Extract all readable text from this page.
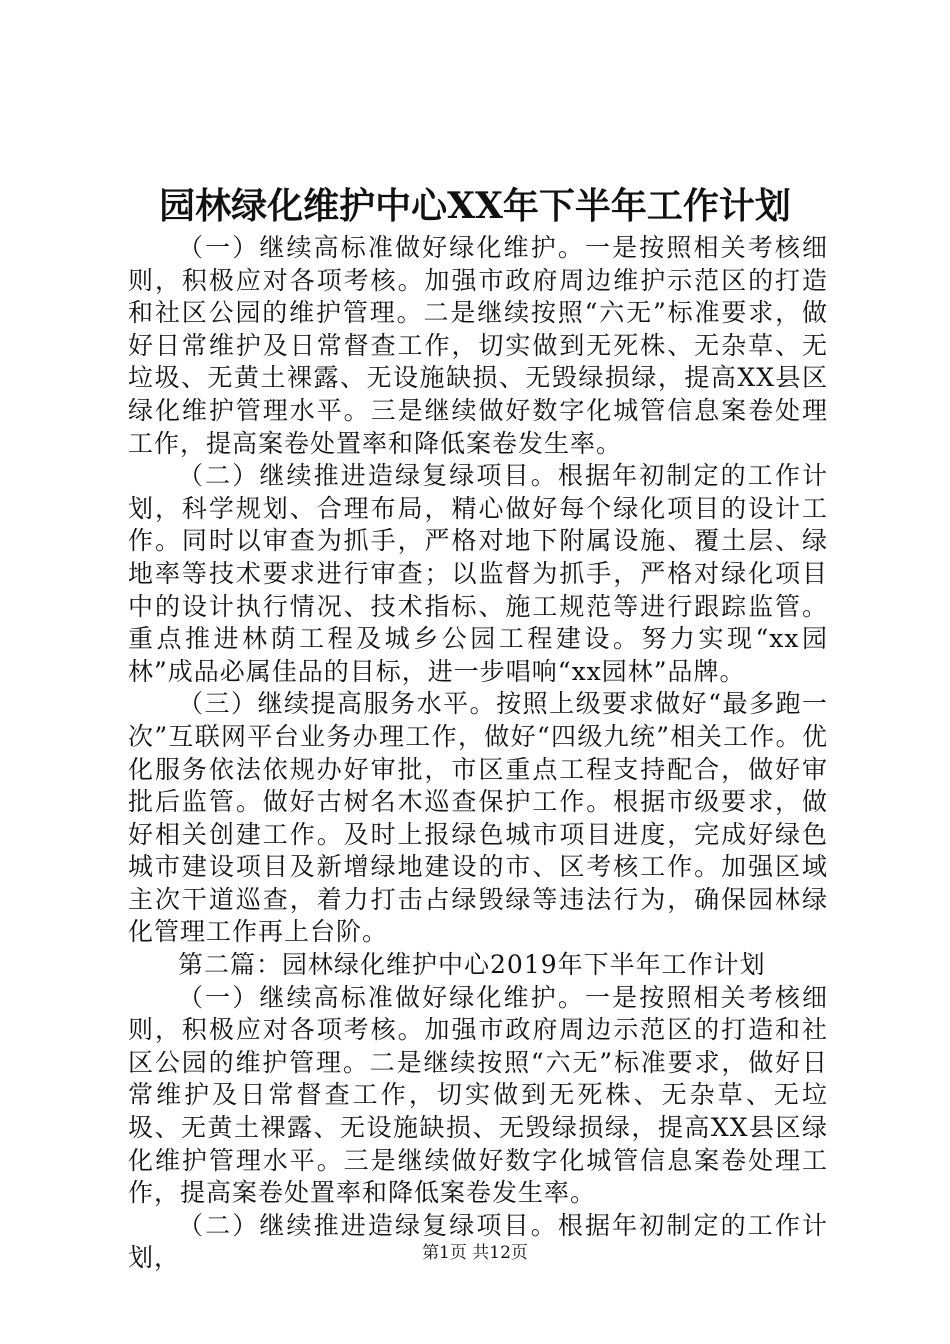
园林绿化维护中心XX年下半年工作计划

（一）继续高标准做好绿化维护。一是按照相关考核细则，积极应对各项考核。加强市政府周边维护示范区的打造和社区公园的维护管理。二是继续按照“六无”标准要求，做好日常维护及日常督查工作，切实做到无死株、无杂草、无垃圾、无黄土裸露、无设施缺损、无毁绿损绿，提高XX县区绿化维护管理水平。三是继续做好数字化城管信息案卷处理工作，提高案卷处置率和降低案卷发生率。

（二）继续推进造绿复绿项目。根据年初制定的工作计划，科学规划、合理布局，精心做好每个绿化项目的设计工作。同时以审查为抓手，严格对地下附属设施、覆土层、绿地率等技术要求进行审查；以监督为抓手，严格对绿化项目中的设计执行情况、技术指标、施工规范等进行跟踪监管。重点推进林荫工程及城乡公园工程建设。努力实现“xx园林”成品必属佳品的目标，进一步唱响“xx园林”品牌。

（三）继续提高服务水平。按照上级要求做好“最多跑一次”互联网平台业务办理工作，做好“四级九统”相关工作。优化服务依法依规办好审批，市区重点工程支持配合，做好审批后监管。做好古树名木巡查保护工作。根据市级要求，做好相关创建工作。及时上报绿色城市项目进度，完成好绿色城市建设项目及新增绿地建设的市、区考核工作。加强区域主次干道巡查，着力打击占绿毁绿等违法行为，确保园林绿化管理工作再上台阶。

第二篇：园林绿化维护中心2019年下半年工作计划

（一）继续高标准做好绿化维护。一是按照相关考核细则，积极应对各项考核。加强市政府周边示范区的打造和社区公园的维护管理。二是继续按照“六无”标准要求，做好日常维护及日常督查工作，切实做到无死株、无杂草、无垃圾、无黄土裸露、无设施缺损、无毁绿损绿，提高XX县区绿化维护管理水平。三是继续做好数字化城管信息案卷处理工作，提高案卷处置率和降低案卷发生率。

（二）继续推进造绿复绿项目。根据年初制定的工作计划，	第1页 共12页
